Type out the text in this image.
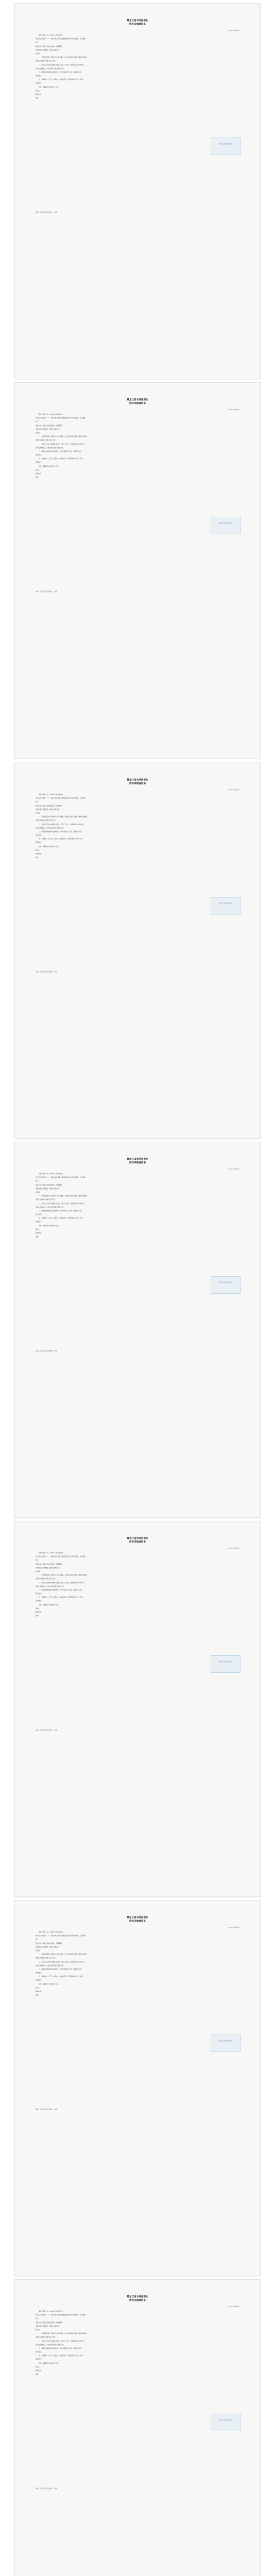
黑龙江省农村信用社
资料采购通知书
2024年1月10日
采购方名称：省，2024年1月10日发出。
你方签订合同如下（一）采购人本次采购主要包括招标文件所列的服务，合同金额
如下：
项目名称：黑龙江省农村信用社，服务期限
采购内容及采购数量，确定成交供应商
供应商：
一、采购项目名称、服务内容、服务要求。成交供应商应当按照本通知书的要求
在规定时间内与采购人签订合同。
二、采购人应当自中标通知书发出之日起三十日内，按照招标文件和中标人
投标文件的约定，与成交供应商签订书面合同。
三、请于收到本通知书后按要求，与我方联系签订合同，逾期未签订的，
视为放弃。
四、本通知书一式三份，采购人、成交供应商、代理机构各执一份，具有
同等效力。
附件：采购项目中标结果一览表。
联系人：
联系电话：
地址：
黑龙江省农村信用社
第1页，黑龙江省农村信用社，共1页
黑龙江省农村信用社
资料采购通知书
2024年1月10日
采购方名称：省，2024年1月10日发出。
你方签订合同如下（一）采购人本次采购主要包括招标文件所列的服务，合同金额
如下：
项目名称：黑龙江省农村信用社，服务期限
采购内容及采购数量，确定成交供应商
供应商：
一、采购项目名称、服务内容、服务要求。成交供应商应当按照本通知书的要求
在规定时间内与采购人签订合同。
二、采购人应当自中标通知书发出之日起三十日内，按照招标文件和中标人
投标文件的约定，与成交供应商签订书面合同。
三、请于收到本通知书后按要求，与我方联系签订合同，逾期未签订的，
视为放弃。
四、本通知书一式三份，采购人、成交供应商、代理机构各执一份，具有
同等效力。
附件：采购项目中标结果一览表。
联系人：
联系电话：
地址：
黑龙江省农村信用社
第1页，黑龙江省农村信用社，共1页
黑龙江省农村信用社
资料采购通知书
2024年1月10日
采购方名称：省，2024年1月10日发出。
你方签订合同如下（一）采购人本次采购主要包括招标文件所列的服务，合同金额
如下：
项目名称：黑龙江省农村信用社，服务期限
采购内容及采购数量，确定成交供应商
供应商：
一、采购项目名称、服务内容、服务要求。成交供应商应当按照本通知书的要求
在规定时间内与采购人签订合同。
二、采购人应当自中标通知书发出之日起三十日内，按照招标文件和中标人
投标文件的约定，与成交供应商签订书面合同。
三、请于收到本通知书后按要求，与我方联系签订合同，逾期未签订的，
视为放弃。
四、本通知书一式三份，采购人、成交供应商、代理机构各执一份，具有
同等效力。
附件：采购项目中标结果一览表。
联系人：
联系电话：
地址：
黑龙江省农村信用社
第1页，黑龙江省农村信用社，共1页
黑龙江省农村信用社
资料采购通知书
2024年1月10日
采购方名称：省，2024年1月10日发出。
你方签订合同如下（一）采购人本次采购主要包括招标文件所列的服务，合同金额
如下：
项目名称：黑龙江省农村信用社，服务期限
采购内容及采购数量，确定成交供应商
供应商：
一、采购项目名称、服务内容、服务要求。成交供应商应当按照本通知书的要求
在规定时间内与采购人签订合同。
二、采购人应当自中标通知书发出之日起三十日内，按照招标文件和中标人
投标文件的约定，与成交供应商签订书面合同。
三、请于收到本通知书后按要求，与我方联系签订合同，逾期未签订的，
视为放弃。
四、本通知书一式三份，采购人、成交供应商、代理机构各执一份，具有
同等效力。
附件：采购项目中标结果一览表。
联系人：
联系电话：
地址：
黑龙江省农村信用社
第1页，黑龙江省农村信用社，共1页
黑龙江省农村信用社
资料采购通知书
2024年1月10日
采购方名称：省，2024年1月10日发出。
你方签订合同如下（一）采购人本次采购主要包括招标文件所列的服务，合同金额
如下：
项目名称：黑龙江省农村信用社，服务期限
采购内容及采购数量，确定成交供应商
供应商：
一、采购项目名称、服务内容、服务要求。成交供应商应当按照本通知书的要求
在规定时间内与采购人签订合同。
二、采购人应当自中标通知书发出之日起三十日内，按照招标文件和中标人
投标文件的约定，与成交供应商签订书面合同。
三、请于收到本通知书后按要求，与我方联系签订合同，逾期未签订的，
视为放弃。
四、本通知书一式三份，采购人、成交供应商、代理机构各执一份，具有
同等效力。
附件：采购项目中标结果一览表。
联系人：
联系电话：
地址：
黑龙江省农村信用社
第1页，黑龙江省农村信用社，共1页
黑龙江省农村信用社
资料采购通知书
2024年1月10日
采购方名称：省，2024年1月10日发出。
你方签订合同如下（一）采购人本次采购主要包括招标文件所列的服务，合同金额
如下：
项目名称：黑龙江省农村信用社，服务期限
采购内容及采购数量，确定成交供应商
供应商：
一、采购项目名称、服务内容、服务要求。成交供应商应当按照本通知书的要求
在规定时间内与采购人签订合同。
二、采购人应当自中标通知书发出之日起三十日内，按照招标文件和中标人
投标文件的约定，与成交供应商签订书面合同。
三、请于收到本通知书后按要求，与我方联系签订合同，逾期未签订的，
视为放弃。
四、本通知书一式三份，采购人、成交供应商、代理机构各执一份，具有
同等效力。
附件：采购项目中标结果一览表。
联系人：
联系电话：
地址：
黑龙江省农村信用社
第1页，黑龙江省农村信用社，共1页
黑龙江省农村信用社
资料采购通知书
2024年1月10日
采购方名称：省，2024年1月10日发出。
你方签订合同如下（一）采购人本次采购主要包括招标文件所列的服务，合同金额
如下：
项目名称：黑龙江省农村信用社，服务期限
采购内容及采购数量，确定成交供应商
供应商：
一、采购项目名称、服务内容、服务要求。成交供应商应当按照本通知书的要求
在规定时间内与采购人签订合同。
二、采购人应当自中标通知书发出之日起三十日内，按照招标文件和中标人
投标文件的约定，与成交供应商签订书面合同。
三、请于收到本通知书后按要求，与我方联系签订合同，逾期未签订的，
视为放弃。
四、本通知书一式三份，采购人、成交供应商、代理机构各执一份，具有
同等效力。
附件：采购项目中标结果一览表。
联系人：
联系电话：
地址：
黑龙江省农村信用社
第1页，黑龙江省农村信用社，共1页
